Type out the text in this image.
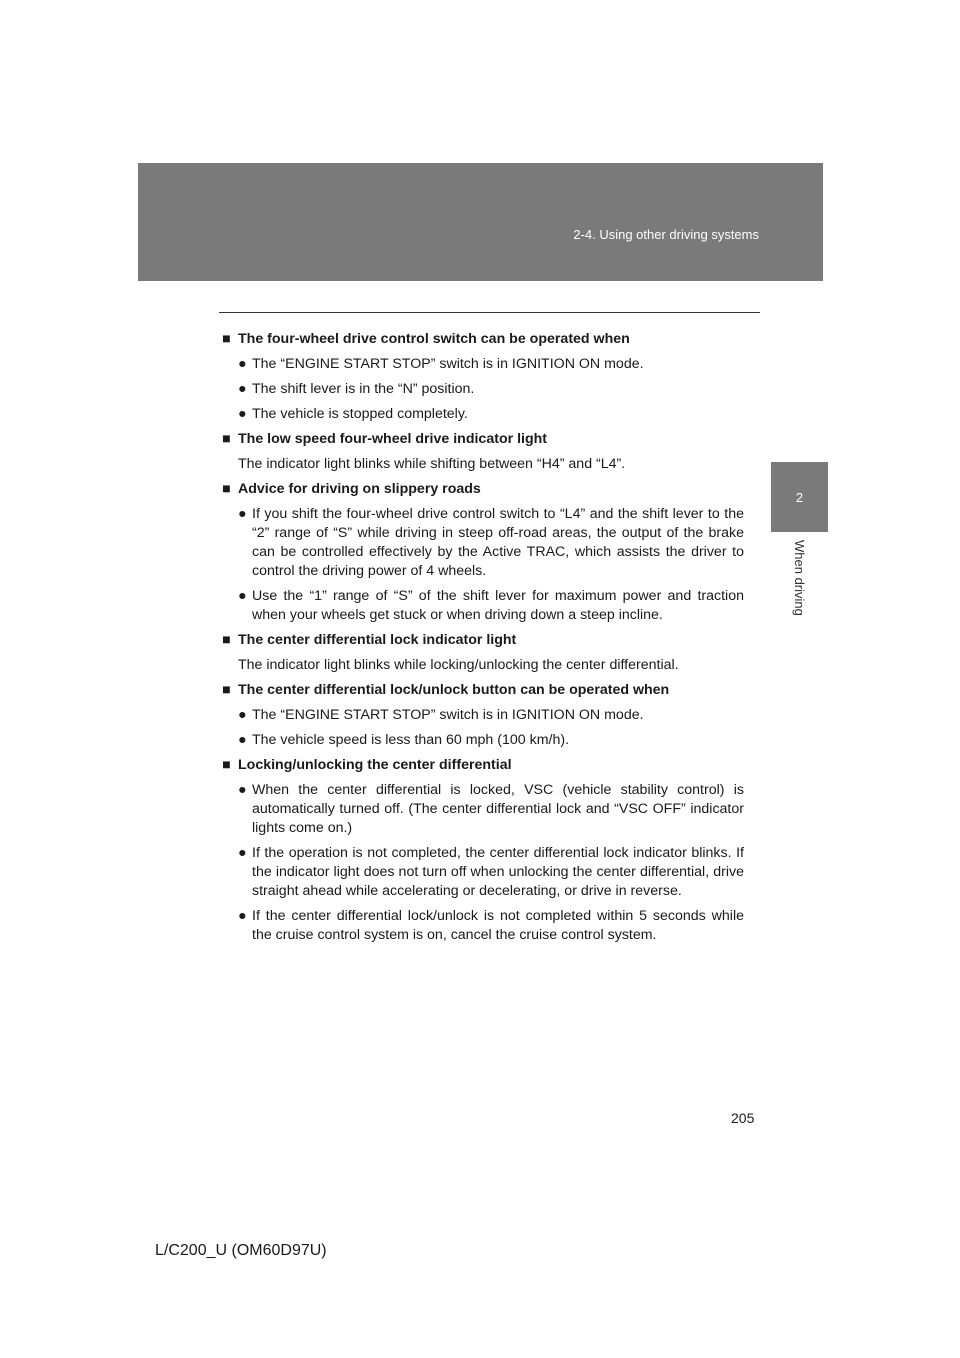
2-4. Using other driving systems
2
When driving
■ The four-wheel drive control switch can be operated when
● The “ENGINE START STOP” switch is in IGNITION ON mode.
● The shift lever is in the “N” position.
● The vehicle is stopped completely.
■ The low speed four-wheel drive indicator light
The indicator light blinks while shifting between “H4” and “L4”.
■ Advice for driving on slippery roads
● If you shift the four-wheel drive control switch to “L4” and the shift lever to the “2” range of “S” while driving in steep off-road areas, the output of the brake can be controlled effectively by the Active TRAC, which assists the driver to control the driving power of 4 wheels.
● Use the “1” range of “S” of the shift lever for maximum power and traction when your wheels get stuck or when driving down a steep incline.
■ The center differential lock indicator light
The indicator light blinks while locking/unlocking the center differential.
■ The center differential lock/unlock button can be operated when
● The “ENGINE START STOP” switch is in IGNITION ON mode.
● The vehicle speed is less than 60 mph (100 km/h).
■ Locking/unlocking the center differential
● When the center differential is locked, VSC (vehicle stability control) is automatically turned off. (The center differential lock and “VSC OFF” indicator lights come on.)
● If the operation is not completed, the center differential lock indicator blinks. If the indicator light does not turn off when unlocking the center differential, drive straight ahead while accelerating or decelerating, or drive in reverse.
● If the center differential lock/unlock is not completed within 5 seconds while the cruise control system is on, cancel the cruise control system.
205
L/C200_U (OM60D97U)
